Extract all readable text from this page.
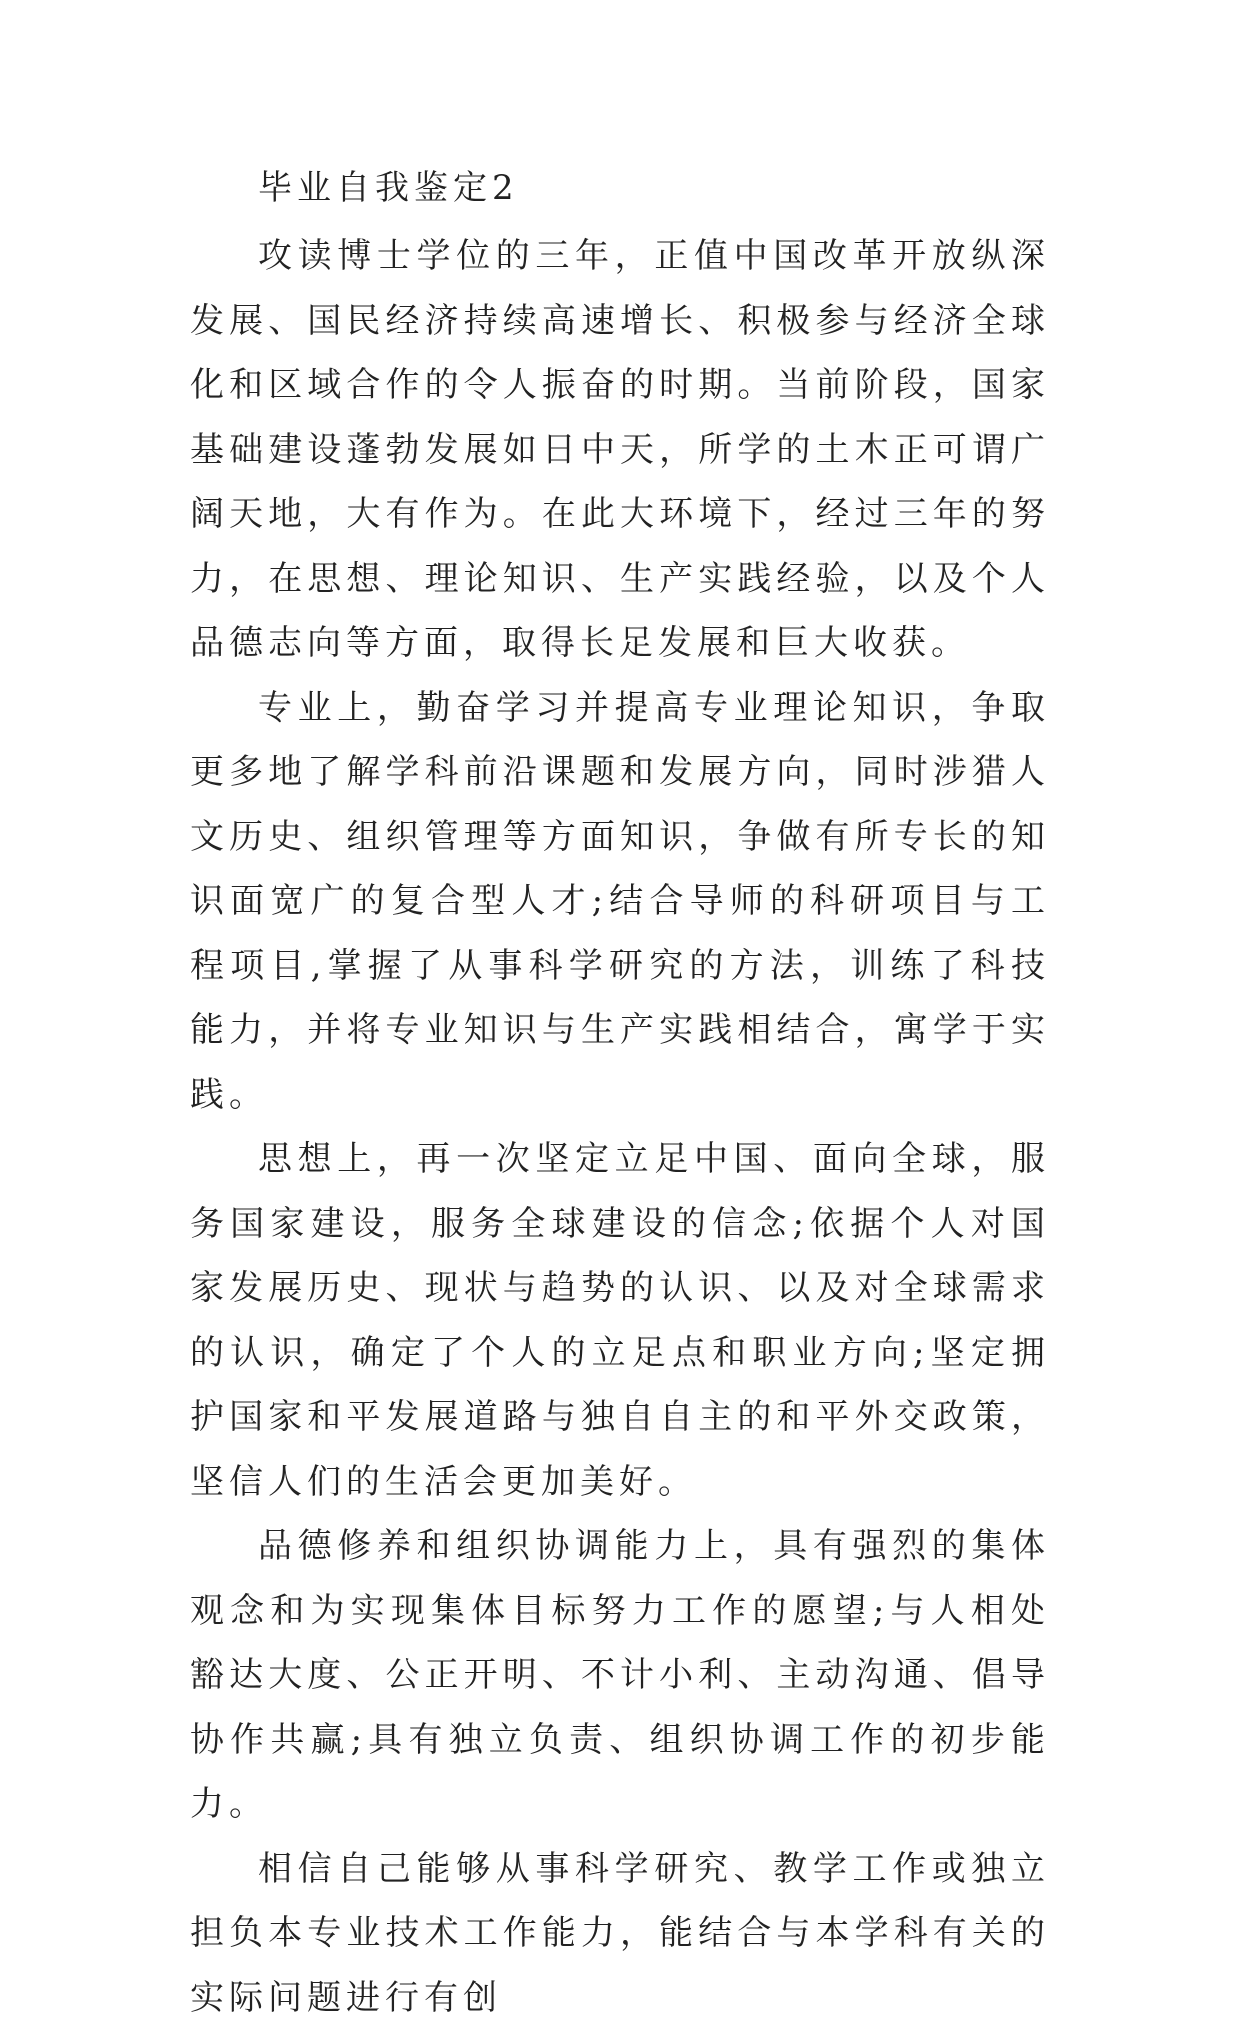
毕业自我鉴定2

攻读博士学位的三年，正值中国改革开放纵深发展、国民经济持续高速增长、积极参与经济全球化和区域合作的令人振奋的时期。当前阶段，国家基础建设蓬勃发展如日中天，所学的土木正可谓广阔天地，大有作为。在此大环境下，经过三年的努力，在思想、理论知识、生产实践经验，以及个人品德志向等方面，取得长足发展和巨大收获。

专业上，勤奋学习并提高专业理论知识，争取更多地了解学科前沿课题和发展方向，同时涉猎人文历史、组织管理等方面知识，争做有所专长的知识面宽广的复合型人才;结合导师的科研项目与工程项目,掌握了从事科学研究的方法，训练了科技能力，并将专业知识与生产实践相结合，寓学于实践。

思想上，再一次坚定立足中国、面向全球，服务国家建设，服务全球建设的信念;依据个人对国家发展历史、现状与趋势的认识、以及对全球需求的认识，确定了个人的立足点和职业方向;坚定拥护国家和平发展道路与独自自主的和平外交政策，坚信人们的生活会更加美好。

品德修养和组织协调能力上，具有强烈的集体观念和为实现集体目标努力工作的愿望;与人相处豁达大度、公正开明、不计小利、主动沟通、倡导协作共赢;具有独立负责、组织协调工作的初步能力。

相信自己能够从事科学研究、教学工作或独立担负本专业技术工作能力，能结合与本学科有关的实际问题进行有创
